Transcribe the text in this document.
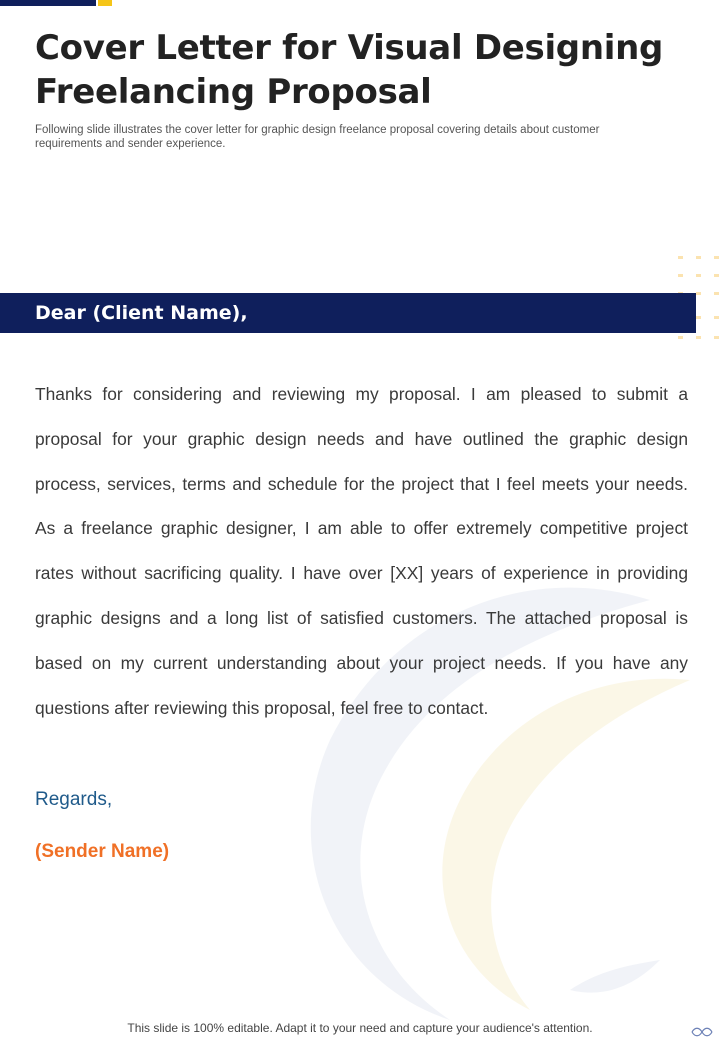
Cover Letter for Visual Designing Freelancing Proposal

Following slide illustrates the cover letter for graphic design freelance proposal covering details about customer requirements and sender experience.

Dear (Client Name),

Thanks for considering and reviewing my proposal. I am pleased to submit a proposal for your graphic design needs and have outlined the graphic design process, services, terms and schedule for the project that I feel meets your needs. As a freelance graphic designer, I am able to offer extremely competitive project rates without sacrificing quality. I have over [XX] years of experience in providing graphic designs and a long list of satisfied customers. The attached proposal is based on my current understanding about your project needs. If you have any questions after reviewing this proposal, feel free to contact.

Regards,

(Sender Name)

This slide is 100% editable. Adapt it to your need and capture your audience's attention.
